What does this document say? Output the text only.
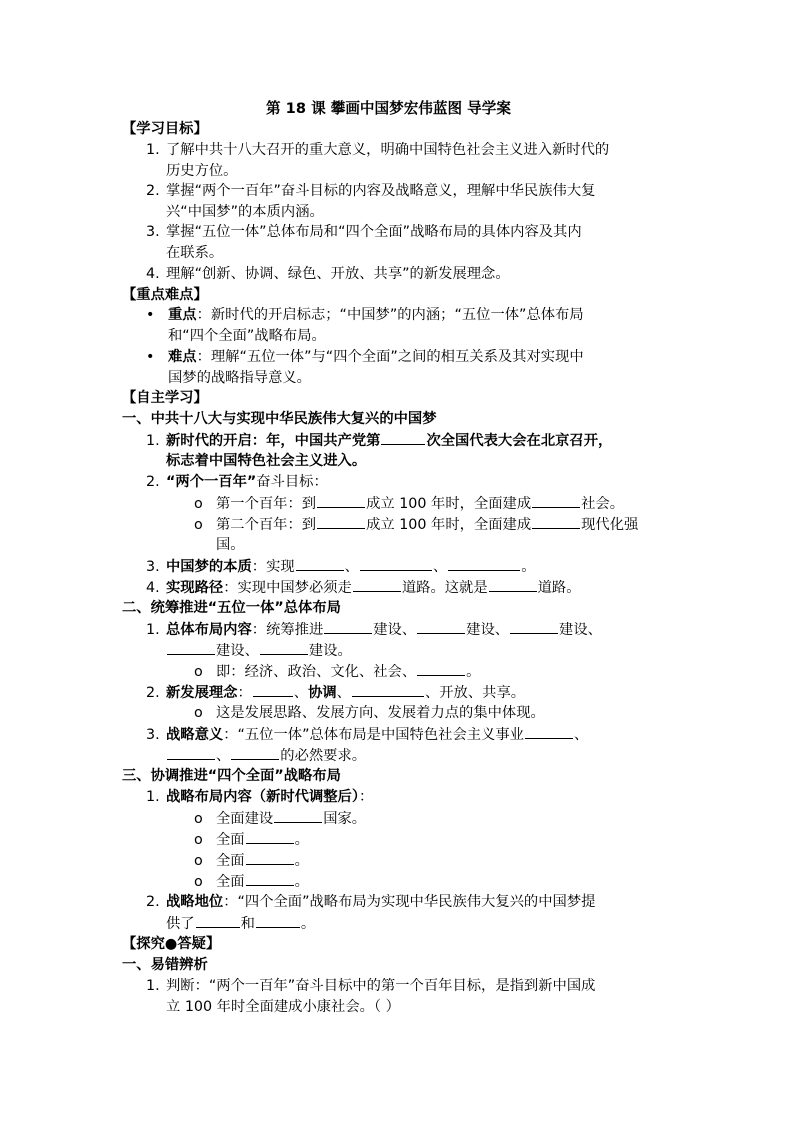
第 18 课 攀画中国梦宏伟蓝图 导学案
【学习目标】
1. 了解中共十八大召开的重大意义，明确中国特色社会主义进入新时代的
历史方位。
2. 掌握“两个一百年”奋斗目标的内容及战略意义，理解中华民族伟大复
兴“中国梦”的本质内涵。
3. 掌握“五位一体”总体布局和“四个全面”战略布局的具体内容及其内
在联系。
4. 理解“创新、协调、绿色、开放、共享”的新发展理念。
【重点难点】
• 重点：新时代的开启标志；“中国梦”的内涵；“五位一体”总体布局
和“四个全面”战略布局。
• 难点：理解“五位一体”与“四个全面”之间的相互关系及其对实现中
国梦的战略指导意义。
【自主学习】
一、中共十八大与实现中华民族伟大复兴的中国梦
1. 新时代的开启：年，中国共产党第	次全国代表大会在北京召开，
标志着中国特色社会主义进入。
2. “两个一百年”奋斗目标：
o 第一个百年：到	成立 100 年时，全面建成	社会。
o 第二个百年：到	成立 100 年时，全面建成	现代化强
国。
3. 中国梦的本质：实现	、	、	。
4. 实现路径：实现中国梦必须走	道路。这就是	道路。
二、统筹推进“五位一体”总体布局
1. 总体布局内容：统筹推进	建设、	建设、	建设、
建设、	建设。
o 即：经济、政治、文化、社会、	。
2. 新发展理念：	、协调、	、开放、共享。
o 这是发展思路、发展方向、发展着力点的集中体现。
3. 战略意义：“五位一体”总体布局是中国特色社会主义事业	、
、	的必然要求。
三、协调推进“四个全面”战略布局
1. 战略布局内容（新时代调整后）：
o 全面建设	国家。
o 全面	。
o 全面	。
o 全面	。
2. 战略地位：“四个全面”战略布局为实现中华民族伟大复兴的中国梦提
供了	和	。
【探究●答疑】
一、易错辨析
1. 判断：“两个一百年”奋斗目标中的第一个百年目标，是指到新中国成
立 100 年时全面建成小康社会。（ ）
